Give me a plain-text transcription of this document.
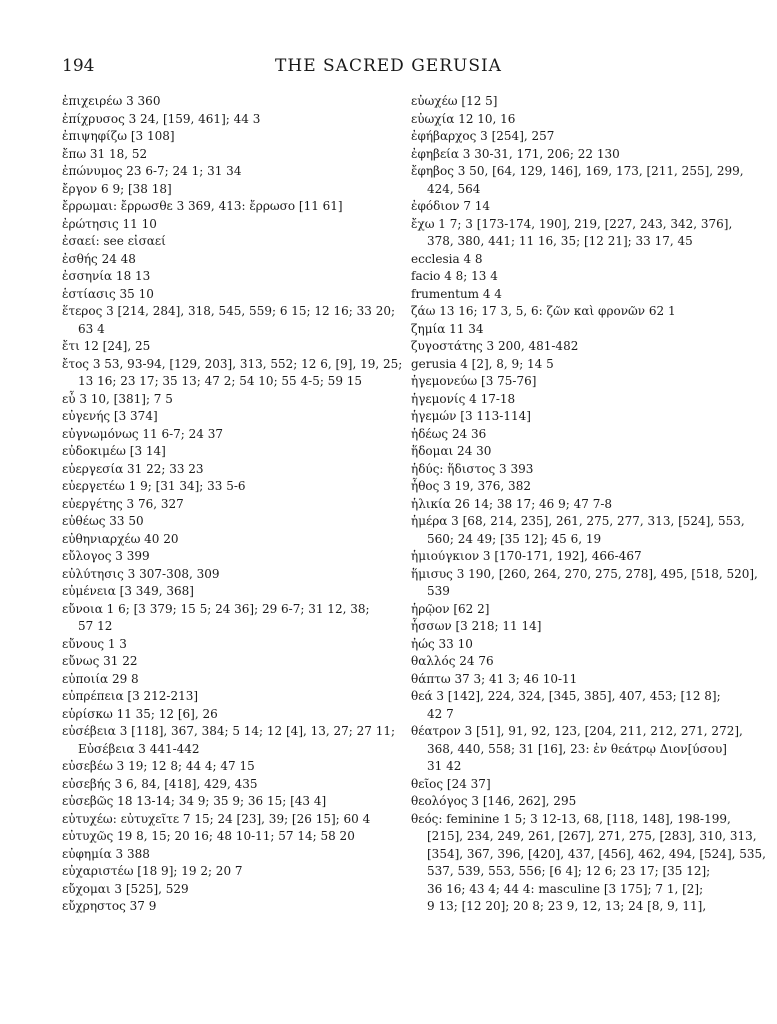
194	THE SACRED GERUSIA
ἐπιχειρέω 3 360
ἐπίχρυσος 3 24, [159, 461]; 44 3
ἐπιψηφίζω [3 108]
ἔπω 31 18, 52
ἐπώνυμος 23 6-7; 24 1; 31 34
ἔργον 6 9; [38 18]
ἔρρωμαι: ἔρρωσθε 3 369, 413: ἔρρωσο [11 61]
ἐρώτησις 11 10
ἐσαεί: see εἰσαεί
ἐσθής 24 48
ἐσσηνία 18 13
ἑστίασις 35 10
ἕτερος 3 [214, 284], 318, 545, 559; 6 15; 12 16; 33 20;
63 4
ἔτι 12 [24], 25
ἔτος 3 53, 93-94, [129, 203], 313, 552; 12 6, [9], 19, 25;
13 16; 23 17; 35 13; 47 2; 54 10; 55 4-5; 59 15
εὖ 3 10, [381]; 7 5
εὐγενής [3 374]
εὐγνωμόνως 11 6-7; 24 37
εὐδοκιμέω [3 14]
εὐεργεσία 31 22; 33 23
εὐεργετέω 1 9; [31 34]; 33 5-6
εὐεργέτης 3 76, 327
εὐθέως 33 50
εὐθηνιαρχέω 40 20
εὔλογος 3 399
εὐλύτησις 3 307-308, 309
εὐμένεια [3 349, 368]
εὔνοια 1 6; [3 379; 15 5; 24 36]; 29 6-7; 31 12, 38;
57 12
εὔνους 1 3
εὔνως 31 22
εὐποιία 29 8
εὐπρέπεια [3 212-213]
εὑρίσκω 11 35; 12 [6], 26
εὐσέβεια 3 [118], 367, 384; 5 14; 12 [4], 13, 27; 27 11;
Εὐσέβεια 3 441-442
εὐσεβέω 3 19; 12 8; 44 4; 47 15
εὐσεβής 3 6, 84, [418], 429, 435
εὐσεβῶς 18 13-14; 34 9; 35 9; 36 15; [43 4]
εὐτυχέω: εὐτυχεῖτε 7 15; 24 [23], 39; [26 15]; 60 4
εὐτυχῶς 19 8, 15; 20 16; 48 10-11; 57 14; 58 20
εὐφημία 3 388
εὐχαριστέω [18 9]; 19 2; 20 7
εὔχομαι 3 [525], 529
εὔχρηστος 37 9
εὐωχέω [12 5]
εὐωχία 12 10, 16
ἐφήβαρχος 3 [254], 257
ἐφηβεία 3 30-31, 171, 206; 22 130
ἔφηβος 3 50, [64, 129, 146], 169, 173, [211, 255], 299,
424, 564
ἐφόδιον 7 14
ἔχω 1 7; 3 [173-174, 190], 219, [227, 243, 342, 376],
378, 380, 441; 11 16, 35; [12 21]; 33 17, 45
ecclesia 4 8
facio 4 8; 13 4
frumentum 4 4
ζάω 13 16; 17 3, 5, 6: ζῶν καὶ φρονῶν 62 1
ζημία 11 34
ζυγοστάτης 3 200, 481-482
gerusia 4 [2], 8, 9; 14 5
ἡγεμονεύω [3 75-76]
ἡγεμονίς 4 17-18
ἡγεμών [3 113-114]
ἡδέως 24 36
ἥδομαι 24 30
ἡδύς: ἥδιστος 3 393
ἦθος 3 19, 376, 382
ἡλικία 26 14; 38 17; 46 9; 47 7-8
ἡμέρα 3 [68, 214, 235], 261, 275, 277, 313, [524], 553,
560; 24 49; [35 12]; 45 6, 19
ἡμιούγκιον 3 [170-171, 192], 466-467
ἥμισυς 3 190, [260, 264, 270, 275, 278], 495, [518, 520],
539
ἡρῷον [62 2]
ἧσσων [3 218; 11 14]
ἠώς 33 10
θαλλός 24 76
θάπτω 37 3; 41 3; 46 10-11
θεά 3 [142], 224, 324, [345, 385], 407, 453; [12 8];
42 7
θέατρον 3 [51], 91, 92, 123, [204, 211, 212, 271, 272],
368, 440, 558; 31 [16], 23: ἐν θεάτρῳ Διον[ύσου]
31 42
θεῖος [24 37]
θεολόγος 3 [146, 262], 295
θεός: feminine 1 5; 3 12-13, 68, [118, 148], 198-199,
[215], 234, 249, 261, [267], 271, 275, [283], 310, 313,
[354], 367, 396, [420], 437, [456], 462, 494, [524], 535,
537, 539, 553, 556; [6 4]; 12 6; 23 17; [35 12];
36 16; 43 4; 44 4: masculine [3 175]; 7 1, [2];
9 13; [12 20]; 20 8; 23 9, 12, 13; 24 [8, 9, 11],
